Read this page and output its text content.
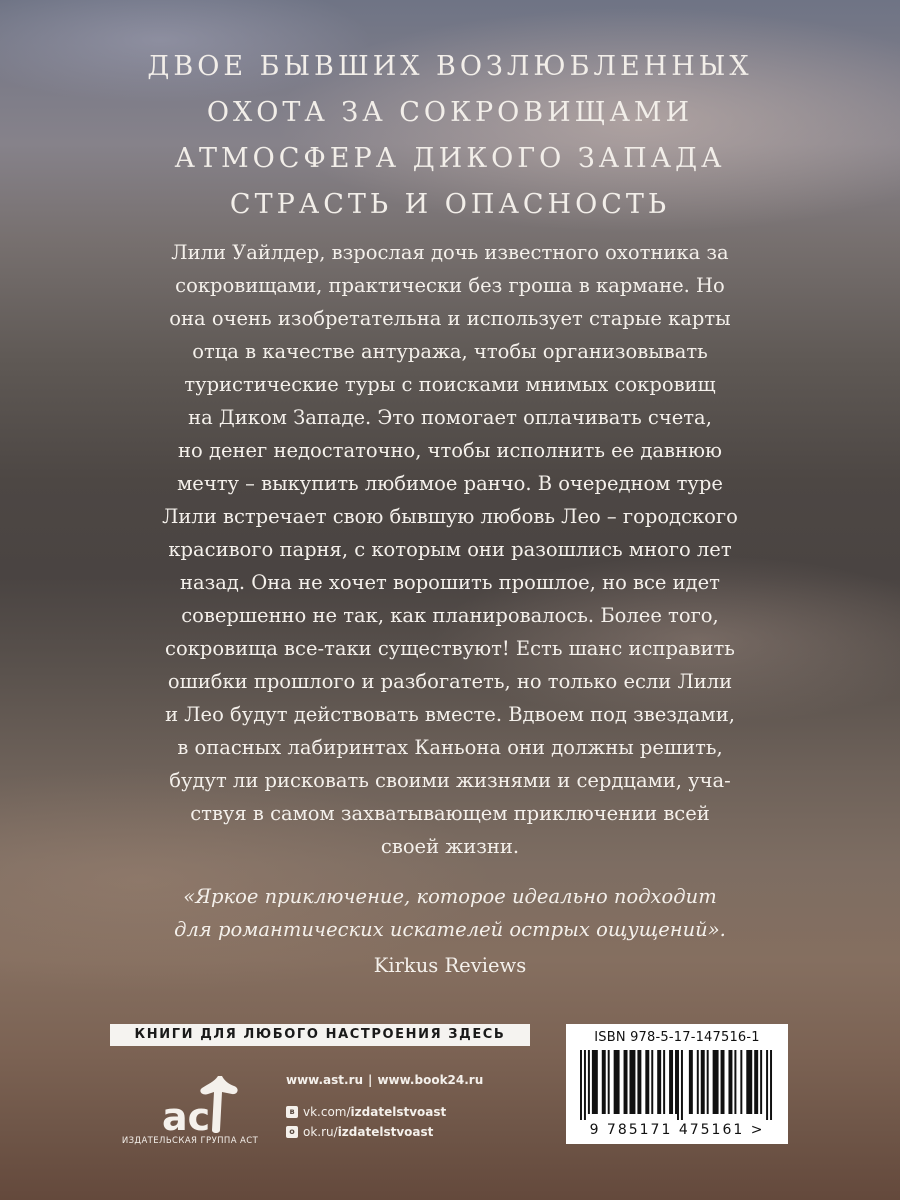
ДВОЕ БЫВШИХ ВОЗЛЮБЛЕННЫХ
ОХОТА ЗА СОКРОВИЩАМИ
АТМОСФЕРА ДИКОГО ЗАПАДА
СТРАСТЬ И ОПАСНОСТЬ
Лили Уайлдер, взрослая дочь известного охотника за
сокровищами, практически без гроша в кармане. Но
она очень изобретательна и использует старые карты
отца в качестве антуража, чтобы организовывать
туристические туры с поисками мнимых сокровищ
на Диком Западе. Это помогает оплачивать счета,
но денег недостаточно, чтобы исполнить ее давнюю
мечту – выкупить любимое ранчо. В очередном туре
Лили встречает свою бывшую любовь Лео – городского
красивого парня, с которым они разошлись много лет
назад. Она не хочет ворошить прошлое, но все идет
совершенно не так, как планировалось. Более того,
сокровища все-таки существуют! Есть шанс исправить
ошибки прошлого и разбогатеть, но только если Лили
и Лео будут действовать вместе. Вдвоем под звездами,
в опасных лабиринтах Каньона они должны решить,
будут ли рисковать своими жизнями и сердцами, уча-
ствуя в самом захватывающем приключении всей
своей жизни.
«Яркое приключение, которое идеально подходит
для романтических искателей острых ощущений».
Kirkus Reviews
КНИГИ ДЛЯ ЛЮБОГО НАСТРОЕНИЯ ЗДЕСЬ
ac
ИЗДАТЕЛЬСКАЯ ГРУППА АСТ
www.ast.ru | www.book24.ru
в vk.com/ izdatelstvoast
о ok.ru/ izdatelstvoast
ISBN 978-5-17-147516-1
9 785171 475161 >
